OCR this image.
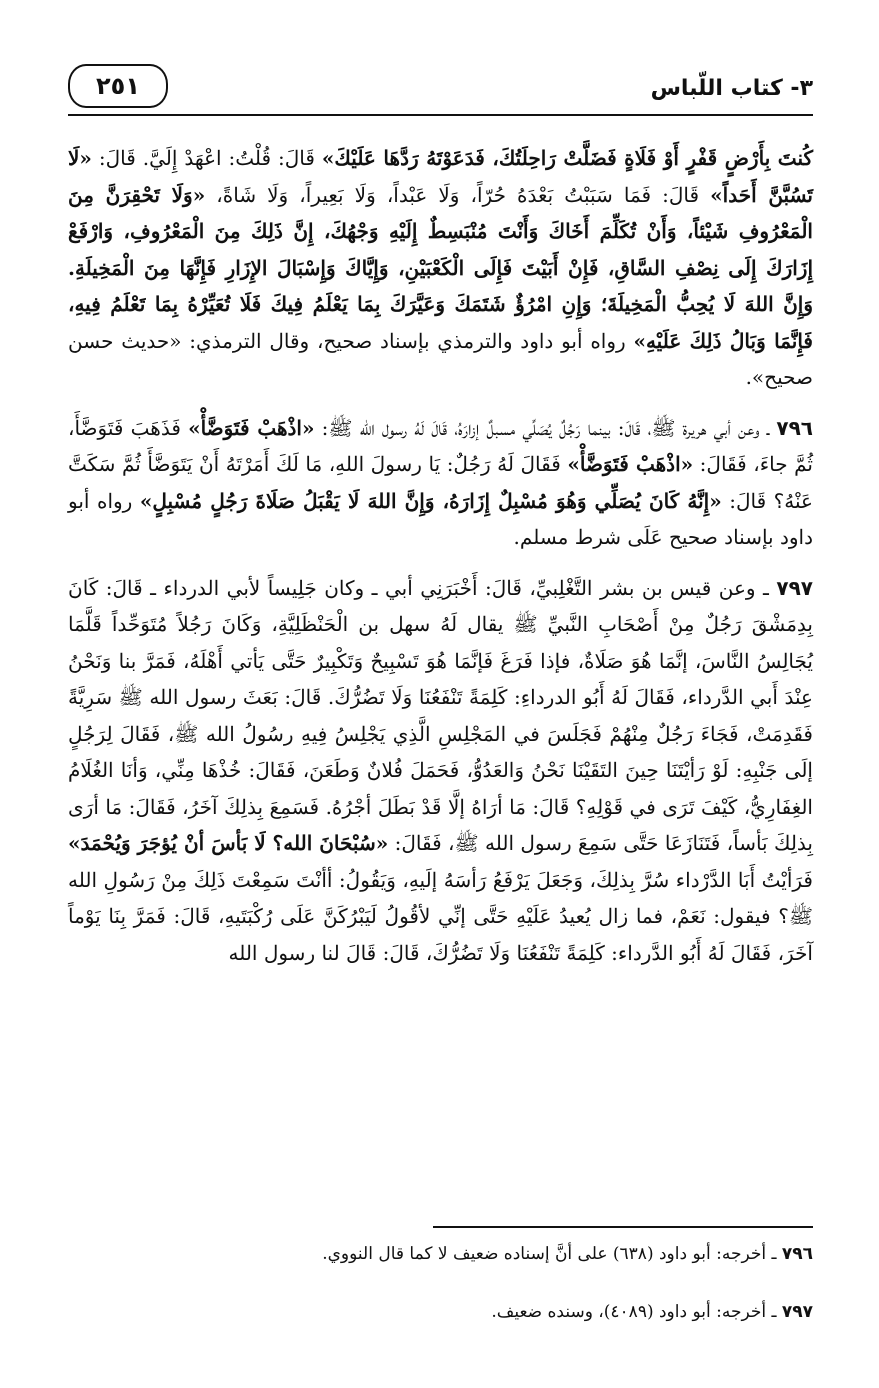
٣- كتاب اللّباس
٢٥١

كُنتَ بِأَرْضٍ قَفْرٍ أَوْ فَلَاةٍ فَضَلَّتْ رَاحِلَتُكَ، فَدَعَوْتَهُ رَدَّهَا عَلَيْكَ» قَالَ: قُلْتُ: اعْهَدْ إِلَيَّ. قَالَ: «لَا تَسُبَّنَّ أَحَداً» قَالَ: فَمَا سَبَبْتُ بَعْدَهُ حُرّاً، وَلَا عَبْداً، وَلَا بَعِيراً، وَلَا شَاةً، «وَلَا تَحْقِرَنَّ مِنَ الْمَعْرُوفِ شَيْئاً، وَأَنْ تُكَلِّمَ أَخَاكَ وَأَنْتَ مُنْبَسِطٌ إِلَيْهِ وَجْهُكَ، إِنَّ ذَلِكَ مِنَ الْمَعْرُوفِ، وَارْفَعْ إِزَارَكَ إِلَى نِصْفِ السَّاقِ، فَإِنْ أَبَيْتَ فَإِلَى الْكَعْبَيْنِ، وَإِيَّاكَ وَإِسْبَالَ الإِزَارِ فَإِنَّهَا مِنَ الْمَخِيلَةِ. وَإِنَّ اللهَ لَا يُحِبُّ الْمَخِيلَةَ؛ وَإِنِ امْرُؤٌ شَتَمَكَ وَعَيَّرَكَ بِمَا يَعْلَمُ فِيكَ فَلَا تُعَيِّرْهُ بِمَا تَعْلَمُ فِيهِ، فَإِنَّمَا وَبَالُ ذَلِكَ عَلَيْهِ» رواه أبو داود والترمذي بإسناد صحيح، وقال الترمذي: «حديث حسن صحيح».

٧٩٦ ـ وعن أبي هريرة ﷺ، قَالَ: بينما رَجُلٌ يُصَلِّي مسبلٌ إزارَهُ، قَالَ لَهُ رسول الله ﷺ: «اذْهَبْ فَتَوَضَّأْ» فَذَهَبَ فَتَوَضَّأَ، ثُمَّ جاءَ، فَقَالَ: «اذْهَبْ فَتَوَضَّأْ» فَقَالَ لَهُ رَجُلٌ: يَا رسولَ اللهِ، مَا لَكَ أَمَرْتَهُ أَنْ يَتَوَضَّأَ ثُمَّ سَكَتَّ عَنْهُ؟ قَالَ: «إِنَّهُ كَانَ يُصَلِّي وَهُوَ مُسْبِلٌ إِزَارَهُ، وَإِنَّ اللهَ لَا يَقْبَلُ صَلَاةَ رَجُلٍ مُسْبِلٍ» رواه أبو داود بإسناد صحيح عَلَى شرط مسلم.

٧٩٧ ـ وعن قيس بن بشر التَّغْلِبيِّ، قَالَ: أَخْبَرَنِي أبي ـ وكان جَلِيساً لأبي الدرداء ـ قَالَ: كَانَ بِدِمَشْقَ رَجُلٌ مِنْ أَصْحَابِ النَّبيِّ ﷺ يقال لَهُ سهل بن الْحَنْظَلِيَّةِ، وَكَانَ رَجُلاً مُتَوَحِّداً قَلَّمَا يُجَالِسُ النَّاسَ، إنَّمَا هُوَ صَلَاةٌ، فإذا فَرَغَ فَإنَّمَا هُوَ تَسْبِيحٌ وَتَكْبِيرٌ حَتَّى يَأتي أَهْلَهُ، فَمَرَّ بنا وَنَحْنُ عِنْدَ أَبي الدَّرداء، فَقَالَ لَهُ أَبُو الدرداءِ: كَلِمَةً تَنْفَعُنَا وَلَا تَضُرُّكَ. قَالَ: بَعَثَ رسول الله ﷺ سَرِيَّةً فَقَدِمَتْ، فَجَاءَ رَجُلٌ مِنْهُمْ فَجَلَسَ في المَجْلِسِ الَّذِي يَجْلِسُ فِيهِ رسُولُ الله ﷺ، فَقَالَ لِرَجُلٍ إلَى جَنْبِهِ: لَوْ رَأيْتَنَا حِينَ التَقَيْنَا نَحْنُ وَالعَدُوُّ، فَحَمَلَ فُلانٌ وَطَعَنَ، فَقَالَ: خُذْهَا مِنِّي، وَأنَا الغُلَامُ الغِفَارِيُّ، كَيْفَ تَرَى في قَوْلِهِ؟ قَالَ: مَا أرَاهُ إلَّا قَدْ بَطَلَ أجْرُهُ. فَسَمِعَ بِذلِكَ آخَرُ، فَقَالَ: مَا أرَى بِذلِكَ بَأساً، فَتَنَازَعَا حَتَّى سَمِعَ رسول الله ﷺ، فَقَالَ: «سُبْحَانَ الله؟ لَا بَأسَ أنْ يُؤجَرَ وَيُحْمَدَ» فَرَأيْتُ أَبَا الدَّرْداء سُرَّ بِذلِكَ، وَجَعَلَ يَرْفَعُ رَأسَهُ إلَيهِ، وَيَقُولُ: أأنْتَ سَمِعْتَ ذَلِكَ مِنْ رَسُولِ الله ﷺ؟ فيقول: نَعَمْ، فما زال يُعيدُ عَلَيْهِ حَتَّى إنِّي لأقُولُ لَيَبْرُكَنَّ عَلَى رُكْبَتَيهِ، قَالَ: فَمَرَّ بِنَا يَوْماً آخَرَ، فَقَالَ لَهُ أَبُو الدَّرداء: كَلِمَةً تَنْفَعُنَا وَلَا تَضُرُّكَ، قَالَ: قَالَ لنا رسول الله

٧٩٦ ـ أخرجه: أبو داود (٦٣٨) على أنَّ إسناده ضعيف لا كما قال النووي.

٧٩٧ ـ أخرجه: أبو داود (٤٠٨٩)، وسنده ضعيف.
